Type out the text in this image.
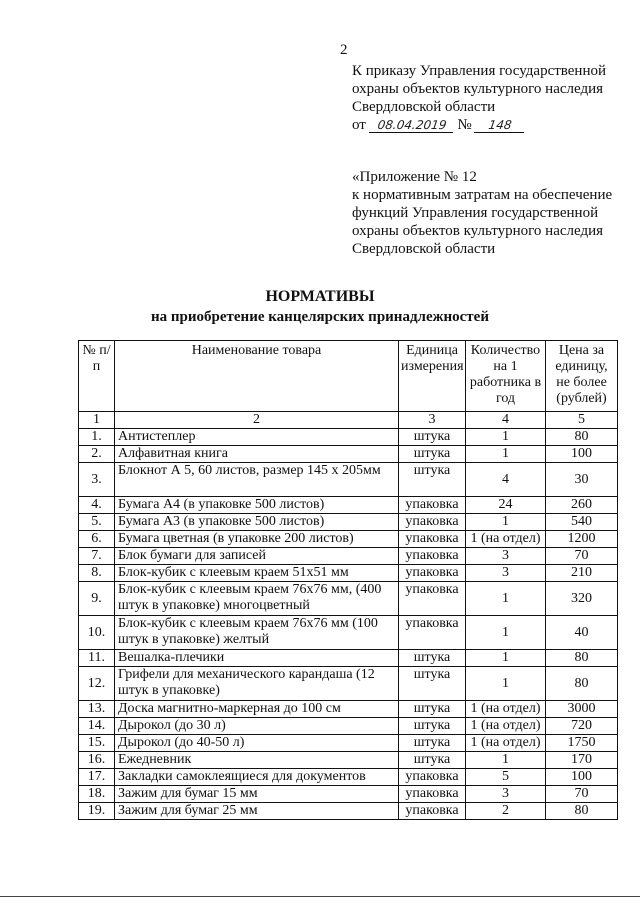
2
К приказу Управления государственной
охраны объектов культурного наследия
Свердловской области
от 08.04.2019 № 148
«Приложение № 12
к нормативным затратам на обеспечение
функций Управления государственной
охраны объектов культурного наследия
Свердловской области
НОРМАТИВЫ
на приобретение канцелярских принадлежностей
№ п/п	Наименование товара	Единица измерения	Количество на 1 работника в год	Цена за единицу, не более (рублей)
1	2	3	4	5
1.	Антистеплер	штука	1	80
2.	Алфавитная книга	штука	1	100
3.	Блокнот А 5, 60 листов, размер 145 х 205мм	штука	4	30
4.	Бумага А4 (в упаковке 500 листов)	упаковка	24	260
5.	Бумага А3 (в упаковке 500 листов)	упаковка	1	540
6.	Бумага цветная (в упаковке 200 листов)	упаковка	1 (на отдел)	1200
7.	Блок бумаги для записей	упаковка	3	70
8.	Блок-кубик с клеевым краем 51х51 мм	упаковка	3	210
9.	Блок-кубик с клеевым краем 76х76 мм, (400 штук в упаковке) многоцветный	упаковка	1	320
10.	Блок-кубик с клеевым краем 76х76 мм (100 штук в упаковке) желтый	упаковка	1	40
11.	Вешалка-плечики	штука	1	80
12.	Грифели для механического карандаша (12 штук в упаковке)	штука	1	80
13.	Доска магнитно-маркерная до 100 см	штука	1 (на отдел)	3000
14.	Дырокол (до 30 л)	штука	1 (на отдел)	720
15.	Дырокол (до 40-50 л)	штука	1 (на отдел)	1750
16.	Ежедневник	штука	1	170
17.	Закладки самоклеящиеся для документов	упаковка	5	100
18.	Зажим для бумаг 15 мм	упаковка	3	70
19.	Зажим для бумаг 25 мм	упаковка	2	80
